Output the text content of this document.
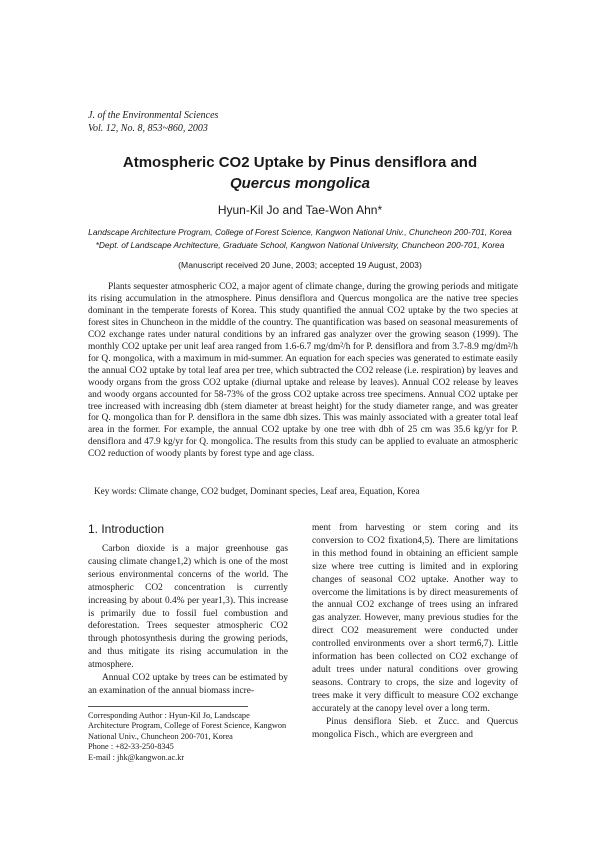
J. of the Environmental Sciences
Vol. 12, No. 8, 853~860, 2003
Atmospheric CO2 Uptake by Pinus densiflora and
Quercus mongolica
Hyun-Kil Jo and Tae-Won Ahn*
Landscape Architecture Program, College of Forest Science, Kangwon National Univ., Chuncheon 200-701, Korea
*Dept. of Landscape Architecture, Graduate School, Kangwon National University, Chuncheon 200-701, Korea
(Manuscript received 20 June, 2003; accepted 19 August, 2003)

Plants sequester atmospheric CO2, a major agent of climate change, during the growing periods and mitigate its rising accumulation in the atmosphere. Pinus densiflora and Quercus mongolica are the native tree species dominant in the temperate forests of Korea. This study quantified the annual CO2 uptake by the two species at forest sites in Chuncheon in the middle of the country. The quantification was based on seasonal measurements of CO2 exchange rates under natural conditions by an infrared gas analyzer over the growing season (1999). The monthly CO2 uptake per unit leaf area ranged from 1.6-6.7 mg/dm²/h for P. densiflora and from 3.7-8.9 mg/dm²/h for Q. mongolica, with a maximum in mid-summer. An equation for each species was generated to estimate easily the annual CO2 uptake by total leaf area per tree, which subtracted the CO2 release (i.e. respiration) by leaves and woody organs from the gross CO2 uptake (diurnal uptake and release by leaves). Annual CO2 release by leaves and woody organs accounted for 58-73% of the gross CO2 uptake across tree specimens. Annual CO2 uptake per tree increased with increasing dbh (stem diameter at breast height) for the study diameter range, and was greater for Q. mongolica than for P. densiflora in the same dbh sizes. This was mainly associated with a greater total leaf area in the former. For example, the annual CO2 uptake by one tree with dbh of 25 cm was 35.6 kg/yr for P. densiflora and 47.9 kg/yr for Q. mongolica. The results from this study can be applied to evaluate an atmospheric CO2 reduction of woody plants by forest type and age class.

Key words: Climate change, CO2 budget, Dominant species, Leaf area, Equation, Korea
1. Introduction

Carbon dioxide is a major greenhouse gas causing climate change1,2) which is one of the most serious environmental concerns of the world. The atmospheric CO2 concentration is currently increasing by about 0.4% per year1,3). This increase is primarily due to fossil fuel combustion and deforestation. Trees sequester atmospheric CO2 through photosynthesis during the growing periods, and thus mitigate its rising accumulation in the atmosphere.

Annual CO2 uptake by trees can be estimated by an examination of the annual biomass incre-

Corresponding Author : Hyun-Kil Jo, Landscape Architecture Program, College of Forest Science, Kangwon National Univ., Chuncheon 200-701, Korea

Phone : +82-33-250-8345

E-mail : jhk@kangwon.ac.kr

ment from harvesting or stem coring and its conversion to CO2 fixation4,5). There are limitations in this method found in obtaining an efficient sample size where tree cutting is limited and in exploring changes of seasonal CO2 uptake. Another way to overcome the limitations is by direct measurements of the annual CO2 exchange of trees using an infrared gas analyzer. However, many previous studies for the direct CO2 measurement were conducted under controlled environments over a short term6,7). Little information has been collected on CO2 exchange of adult trees under natural conditions over growing seasons. Contrary to crops, the size and logevity of trees make it very difficult to measure CO2 exchange accurately at the canopy level over a long term.

Pinus densiflora Sieb. et Zucc. and Quercus mongolica Fisch., which are evergreen and
